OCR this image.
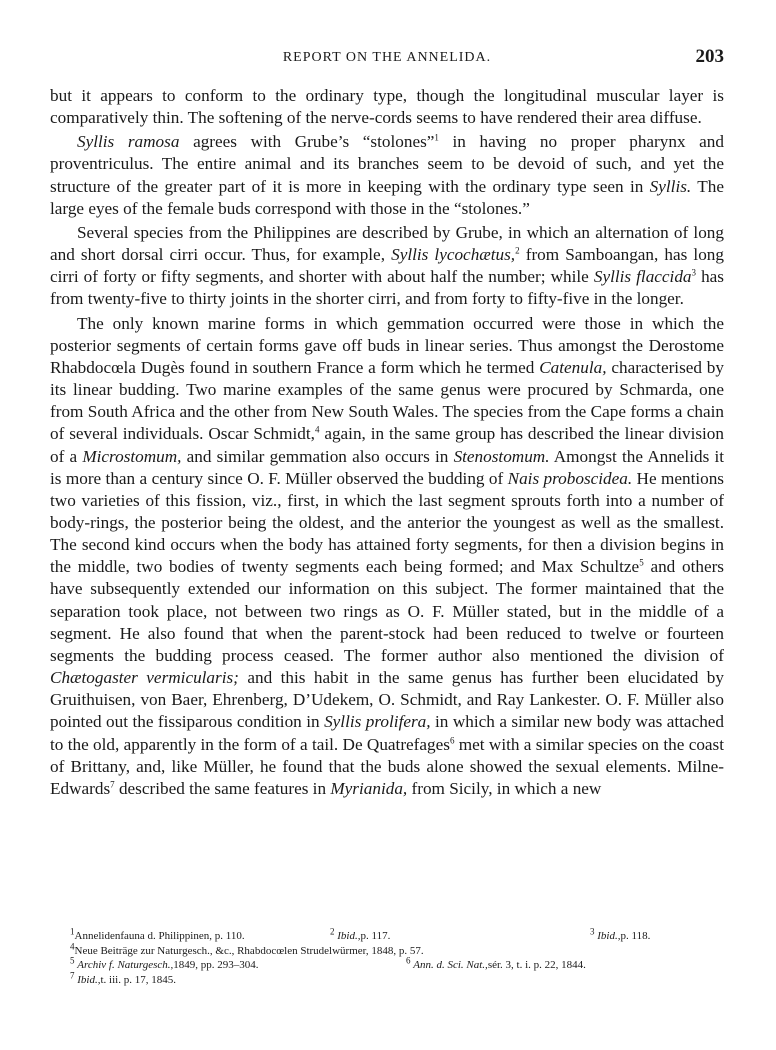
REPORT ON THE ANNELIDA.	203

but it appears to conform to the ordinary type, though the longitudinal muscular layer is comparatively thin. The softening of the nerve-cords seems to have rendered their area diffuse.

Syllis ramosa agrees with Grube’s “stolones”$^1$ in having no proper pharynx and proventriculus. The entire animal and its branches seem to be devoid of such, and yet the structure of the greater part of it is more in keeping with the ordinary type seen in Syllis. The large eyes of the female buds correspond with those in the “stolones.”

Several species from the Philippines are described by Grube, in which an alternation of long and short dorsal cirri occur. Thus, for example, Syllis lycochætus,$^2$ from Samboangan, has long cirri of forty or fifty segments, and shorter with about half the number; while Syllis flaccida$^3$ has from twenty-five to thirty joints in the shorter cirri, and from forty to fifty-five in the longer.

The only known marine forms in which gemmation occurred were those in which the posterior segments of certain forms gave off buds in linear series. Thus amongst the Derostome Rhabdocœla Dugès found in southern France a form which he termed Catenula, characterised by its linear budding. Two marine examples of the same genus were procured by Schmarda, one from South Africa and the other from New South Wales. The species from the Cape forms a chain of several individuals. Oscar Schmidt,$^4$ again, in the same group has described the linear division of a Microstomum, and similar gemmation also occurs in Stenostomum. Amongst the Annelids it is more than a century since O. F. Müller observed the budding of Nais proboscidea. He mentions two varieties of this fission, viz., first, in which the last segment sprouts forth into a number of body-rings, the posterior being the oldest, and the anterior the youngest as well as the smallest. The second kind occurs when the body has attained forty segments, for then a division begins in the middle, two bodies of twenty segments each being formed; and Max Schultze$^5$ and others have subsequently extended our information on this subject. The former maintained that the separation took place, not between two rings as O. F. Müller stated, but in the middle of a segment. He also found that when the parent-stock had been reduced to twelve or fourteen segments the budding process ceased. The former author also mentioned the division of Chætogaster vermicularis; and this habit in the same genus has further been elucidated by Gruithuisen, von Baer, Ehrenberg, D’Udekem, O. Schmidt, and Ray Lankester. O. F. Müller also pointed out the fissiparous condition in Syllis prolifera, in which a similar new body was attached to the old, apparently in the form of a tail. De Quatrefages$^6$ met with a similar species on the coast of Brittany, and, like Müller, he found that the buds alone showed the sexual elements. Milne-Edwards$^7$ described the same features in Myrianida, from Sicily, in which a new

$^1$ Annelidenfauna d. Philippinen, p. 110.	$^2$ Ibid., p. 117.	$^3$ Ibid., p. 118.
$^4$ Neue Beiträge zur Naturgesch., &c., Rhabdocœlen Strudelwürmer, 1848, p. 57.
$^5$ Archiv f. Naturgesch., 1849, pp. 293–304.	$^6$ Ann. d. Sci. Nat., sér. 3, t. i. p. 22, 1844.
$^7$ Ibid., t. iii. p. 17, 1845.
